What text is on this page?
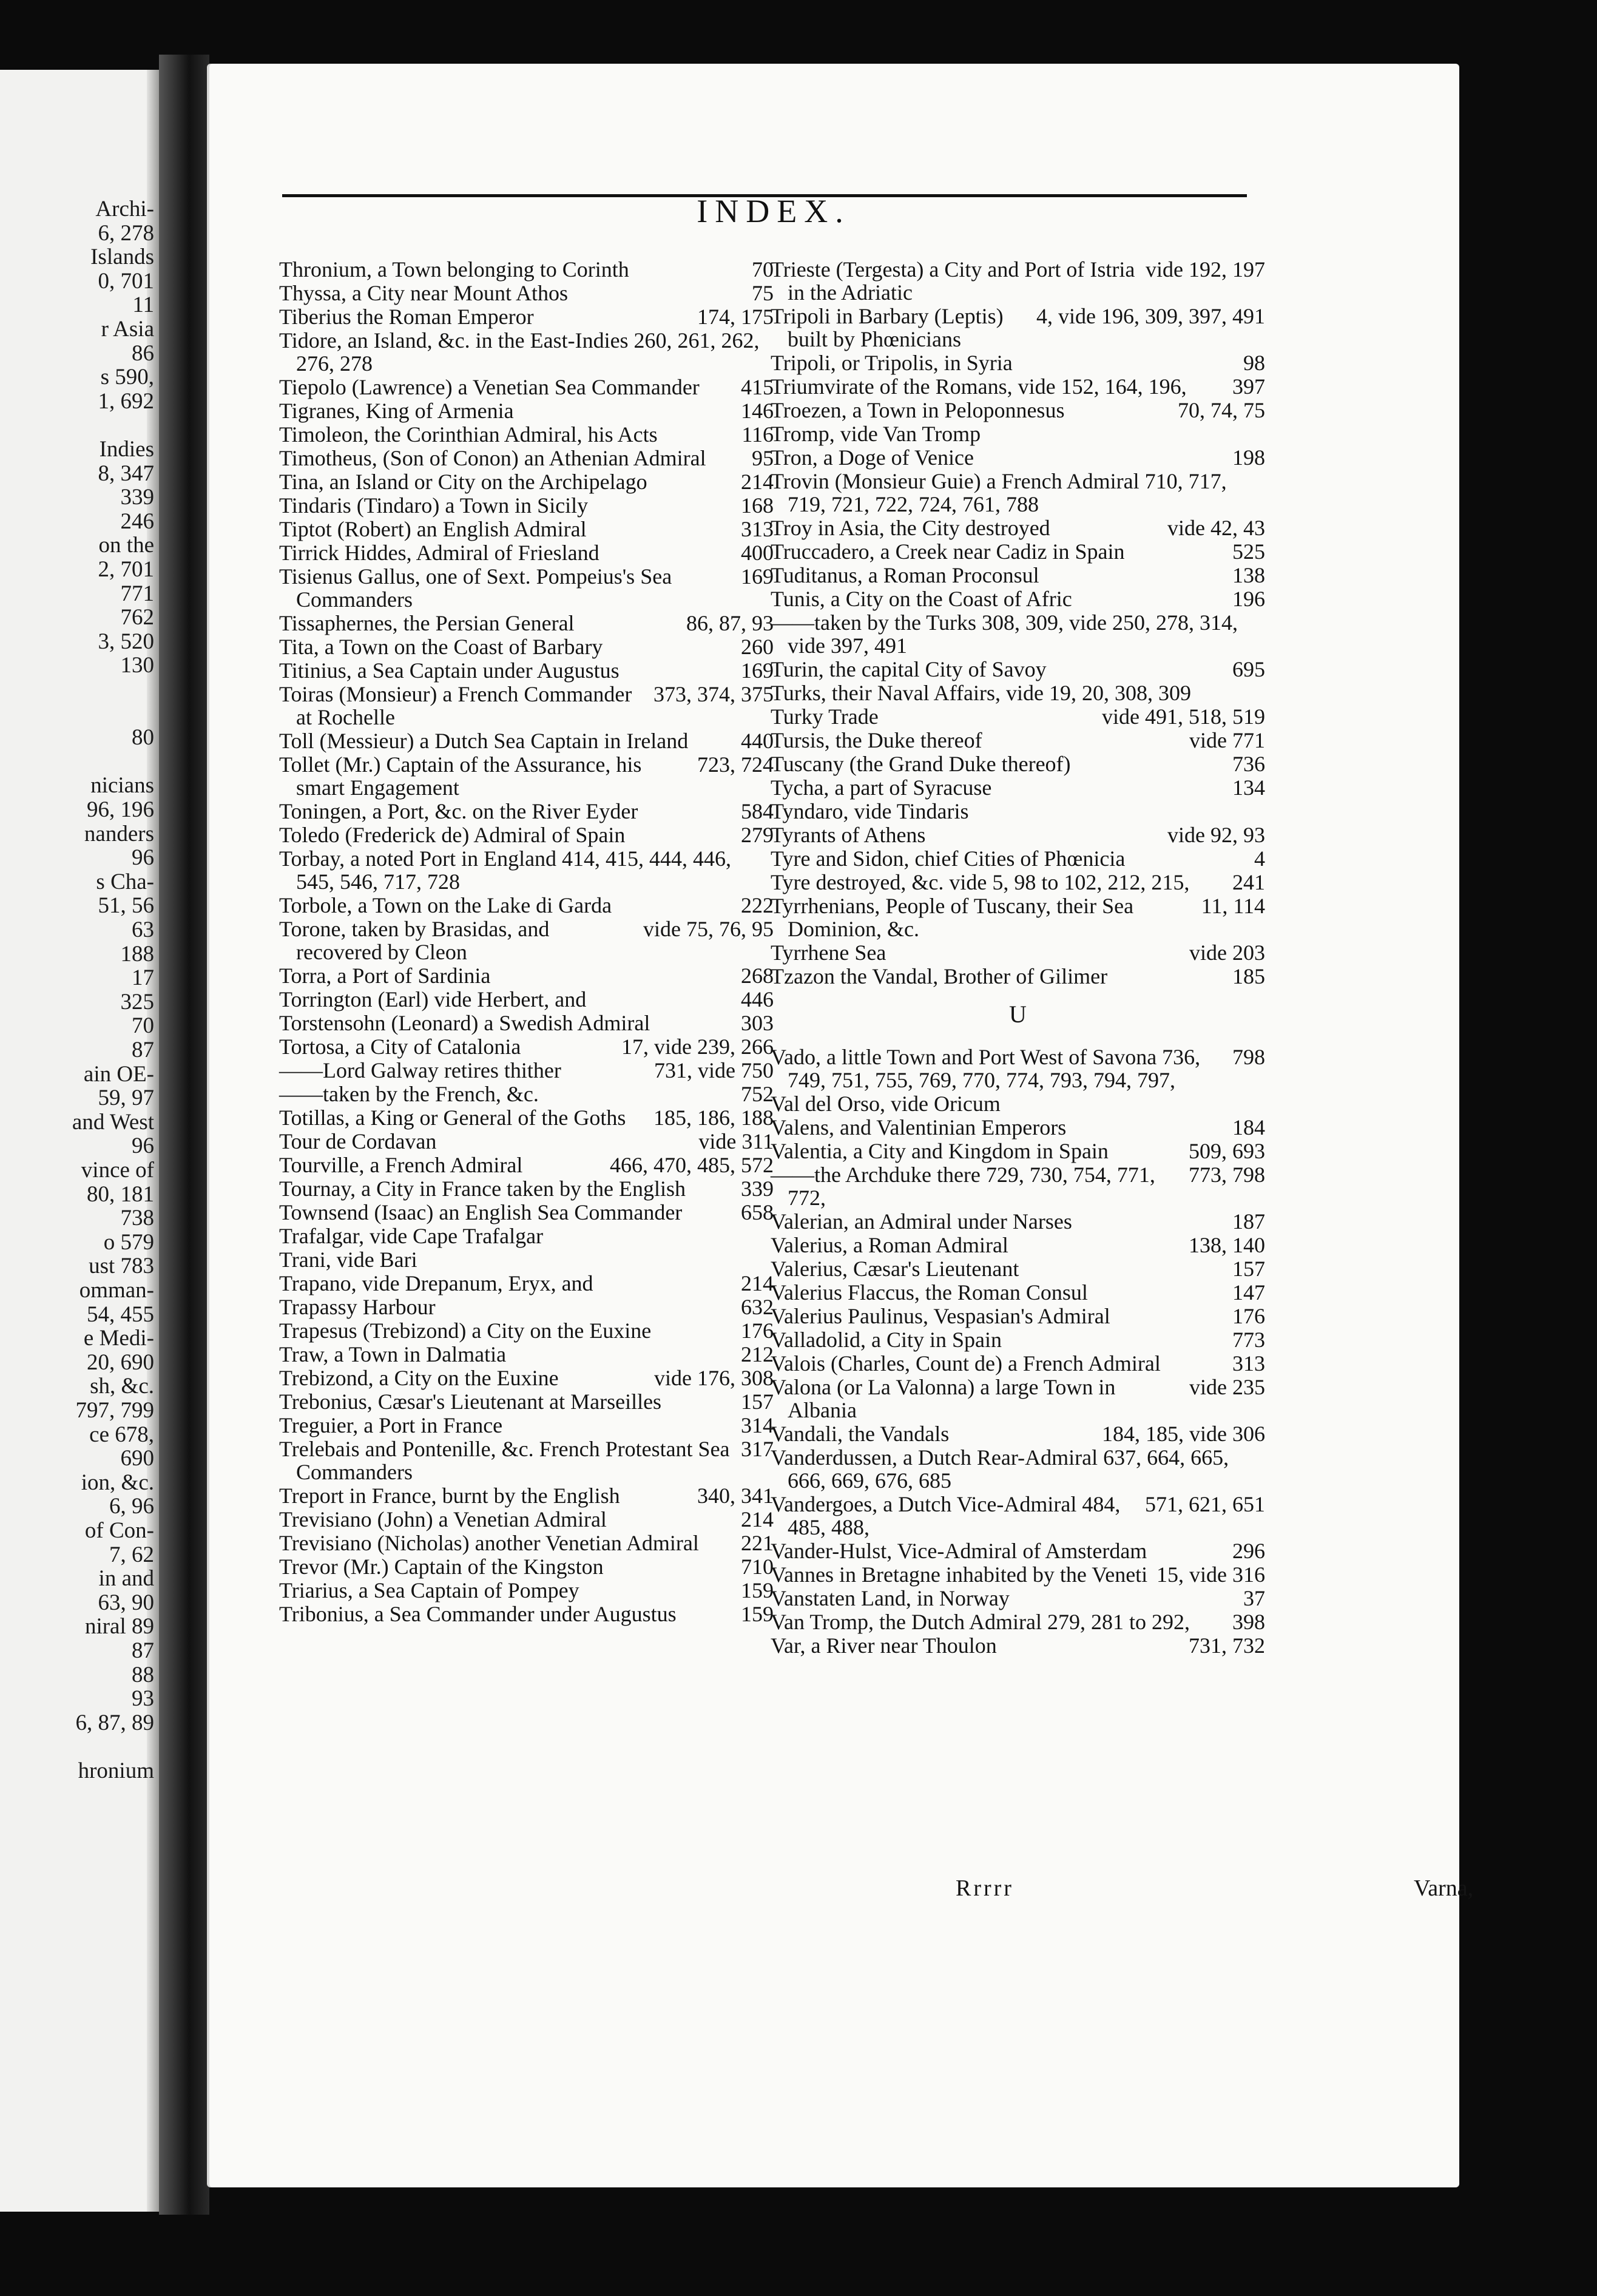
Archi-
6, 278
Islands
0, 701
11
r Asia
86
s 590,
1, 692
Indies
8, 347
339
246
on the
2, 701
771
762
3, 520
130
80
nicians
96, 196
nanders
96
s Cha-
51, 56
63
188
17
325
70
87
ain OE-
59, 97
and West
96
vince of
80, 181
738
o 579
ust 783
omman-
54, 455
e Medi-
20, 690
sh, &c.
797, 799
ce 678,
690
ion, &c.
6, 96
of Con-
7, 62
in and
63, 90
niral 89
87
88
93
6, 87, 89
hronium
INDEX.
70
Thronium, a Town belonging to Corinth
75
Thyssa, a City near Mount Athos
174, 175
Tiberius the Roman Emperor
Tidore, an Island, &c. in the East-Indies 260, 261, 262, 276, 278
415
Tiepolo (Lawrence) a Venetian Sea Commander
146
Tigranes, King of Armenia
116
Timoleon, the Corinthian Admiral, his Acts
95
Timotheus, (Son of Conon) an Athenian Admiral
214
Tina, an Island or City on the Archipelago
168
Tindaris (Tindaro) a Town in Sicily
313
Tiptot (Robert) an English Admiral
400
Tirrick Hiddes, Admiral of Friesland
169
Tisienus Gallus, one of Sext. Pompeius's Sea Commanders
86, 87, 93
Tissaphernes, the Persian General
260
Tita, a Town on the Coast of Barbary
169
Titinius, a Sea Captain under Augustus
373, 374, 375
Toiras (Monsieur) a French Commander at Rochelle
440
Toll (Messieur) a Dutch Sea Captain in Ireland
723, 724
Tollet (Mr.) Captain of the Assurance, his smart Engagement
584
Toningen, a Port, &c. on the River Eyder
279
Toledo (Frederick de) Admiral of Spain
Torbay, a noted Port in England 414, 415, 444, 446, 545, 546, 717, 728
222
Torbole, a Town on the Lake di Garda
vide 75, 76, 95
Torone, taken by Brasidas, and recovered by Cleon
268
Torra, a Port of Sardinia
446
Torrington (Earl) vide Herbert, and
303
Torstensohn (Leonard) a Swedish Admiral
17, vide 239, 266
Tortosa, a City of Catalonia
731, vide 750
——Lord Galway retires thither
752
——taken by the French, &c.
185, 186, 188
Totillas, a King or General of the Goths
vide 311
Tour de Cordavan
466, 470, 485, 572
Tourville, a French Admiral
339
Tournay, a City in France taken by the English
658
Townsend (Isaac) an English Sea Commander
Trafalgar, vide Cape Trafalgar
Trani, vide Bari
214
Trapano, vide Drepanum, Eryx, and
632
Trapassy Harbour
176
Trapesus (Trebizond) a City on the Euxine
212
Traw, a Town in Dalmatia
vide 176, 308
Trebizond, a City on the Euxine
157
Trebonius, Cæsar's Lieutenant at Marseilles
314
Treguier, a Port in France
317
Trelebais and Pontenille, &c. French Protestant Sea Commanders
340, 341
Treport in France, burnt by the English
214
Trevisiano (John) a Venetian Admiral
221
Trevisiano (Nicholas) another Venetian Admiral
710
Trevor (Mr.) Captain of the Kingston
159
Triarius, a Sea Captain of Pompey
159
Tribonius, a Sea Commander under Augustus
vide 192, 197
Trieste (Tergesta) a City and Port of Istria in the Adriatic
4, vide 196, 309, 397, 491
Tripoli in Barbary (Leptis) built by Phœnicians
98
Tripoli, or Tripolis, in Syria
397
Triumvirate of the Romans, vide 152, 164, 196,
70, 74, 75
Troezen, a Town in Peloponnesus
Tromp, vide Van Tromp
198
Tron, a Doge of Venice
Trovin (Monsieur Guie) a French Admiral 710, 717, 719, 721, 722, 724, 761, 788
vide 42, 43
Troy in Asia, the City destroyed
525
Truccadero, a Creek near Cadiz in Spain
138
Tuditanus, a Roman Proconsul
196
Tunis, a City on the Coast of Afric
——taken by the Turks 308, 309, vide 250, 278, 314, vide 397, 491
695
Turin, the capital City of Savoy
Turks, their Naval Affairs, vide 19, 20, 308, 309
vide 491, 518, 519
Turky Trade
vide 771
Tursis, the Duke thereof
736
Tuscany (the Grand Duke thereof)
134
Tycha, a part of Syracuse
Tyndaro, vide Tindaris
vide 92, 93
Tyrants of Athens
4
Tyre and Sidon, chief Cities of Phœnicia
241
Tyre destroyed, &c. vide 5, 98 to 102, 212, 215,
11, 114
Tyrrhenians, People of Tuscany, their Sea Dominion, &c.
vide 203
Tyrrhene Sea
185
Tzazon the Vandal, Brother of Gilimer
U
798
Vado, a little Town and Port West of Savona 736, 749, 751, 755, 769, 770, 774, 793, 794, 797,
Val del Orso, vide Oricum
184
Valens, and Valentinian Emperors
509, 693
Valentia, a City and Kingdom in Spain
773, 798
——the Archduke there 729, 730, 754, 771, 772,
187
Valerian, an Admiral under Narses
138, 140
Valerius, a Roman Admiral
157
Valerius, Cæsar's Lieutenant
147
Valerius Flaccus, the Roman Consul
176
Valerius Paulinus, Vespasian's Admiral
773
Valladolid, a City in Spain
313
Valois (Charles, Count de) a French Admiral
vide 235
Valona (or La Valonna) a large Town in Albania
184, 185, vide 306
Vandali, the Vandals
Vanderdussen, a Dutch Rear-Admiral 637, 664, 665, 666, 669, 676, 685
571, 621, 651
Vandergoes, a Dutch Vice-Admiral 484, 485, 488,
296
Vander-Hulst, Vice-Admiral of Amsterdam
15, vide 316
Vannes in Bretagne inhabited by the Veneti
37
Vanstaten Land, in Norway
398
Van Tromp, the Dutch Admiral 279, 281 to 292,
731, 732
Var, a River near Thoulon
Rrrrr	Varna,
